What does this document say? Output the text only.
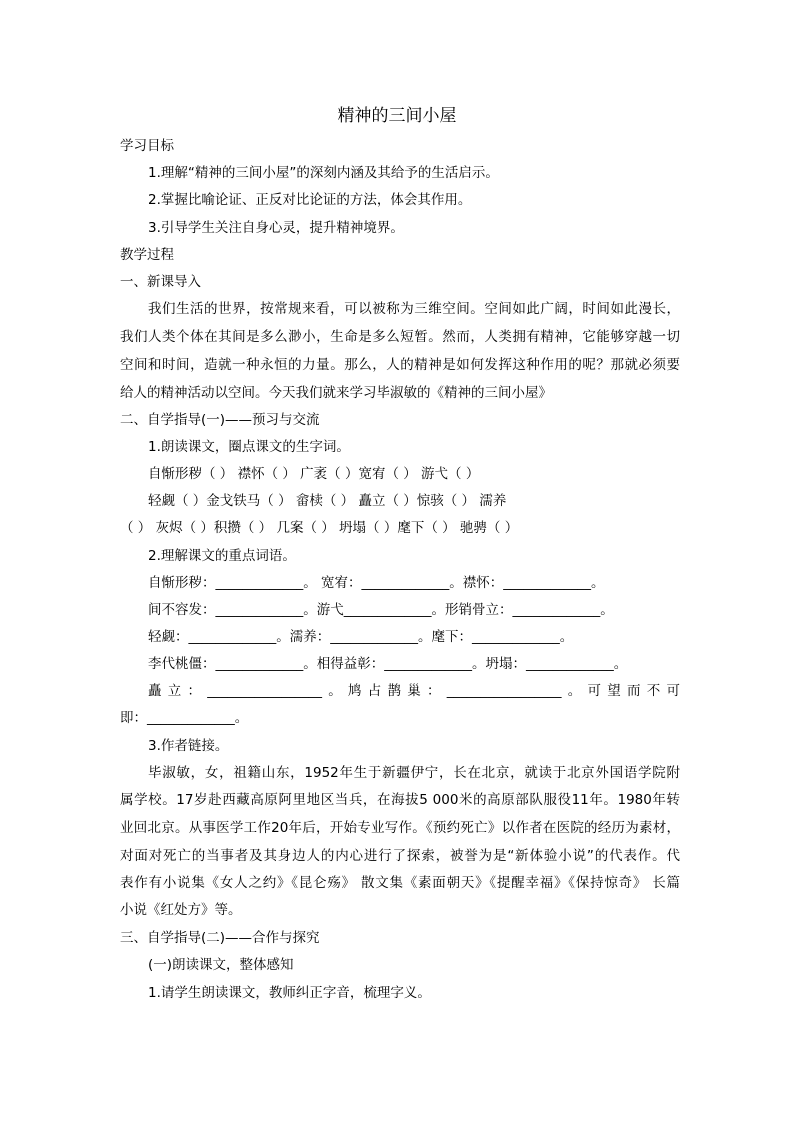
精神的三间小屋
学习目标
1.理解“精神的三间小屋”的深刻内涵及其给予的生活启示。
2.掌握比喻论证、正反对比论证的方法，体会其作用。
3.引导学生关注自身心灵，提升精神境界。
教学过程
一、新课导入
我们生活的世界，按常规来看，可以被称为三维空间。空间如此广阔，时间如此漫长，
我们人类个体在其间是多么渺小，生命是多么短暂。然而，人类拥有精神，它能够穿越一切
空间和时间，造就一种永恒的力量。那么，人的精神是如何发挥这种作用的呢？那就必须要
给人的精神活动以空间。今天我们就来学习毕淑敏的《精神的三间小屋》
二、自学指导(一)——预习与交流
1.朗读课文，圈点课文的生字词。
自惭形秽（ ） 襟怀（ ） 广袤（ ）宽宥（ ） 游弋（ ）
轻觑（ ）金戈铁马（ ） 畲椟（ ） 矗立（ ）惊骇（ ） 濡养
（ ） 灰烬（ ）积攒（ ） 几案（ ） 坍塌（ ）麾下（ ） 驰骋（ ）
2.理解课文的重点词语。
自惭形秽：_____________。 宽宥：_____________。襟怀：_____________。
间不容发：_____________。游弋_____________。形销骨立：_____________。
轻觑：_____________。濡养：_____________。麾下：_____________。
李代桃僵：_____________。相得益彰：_____________。坍塌：_____________。
矗立：_________________。鸠占鹊巢：_________________。可望而不可
即：_____________。
3.作者链接。
毕淑敏，女，祖籍山东，1952年生于新疆伊宁，长在北京，就读于北京外国语学院附
属学校。17岁赴西藏高原阿里地区当兵，在海拔5 000米的高原部队服役11年。1980年转
业回北京。从事医学工作20年后，开始专业写作。《预约死亡》以作者在医院的经历为素材，
对面对死亡的当事者及其身边人的内心进行了探索，被誉为是“新体验小说”的代表作。代
表作有小说集《女人之约》《昆仑殇》 散文集《素面朝天》《提醒幸福》《保持惊奇》 长篇
小说《红处方》等。
三、自学指导(二)——合作与探究
(一)朗读课文，整体感知
1.请学生朗读课文，教师纠正字音，梳理字义。
